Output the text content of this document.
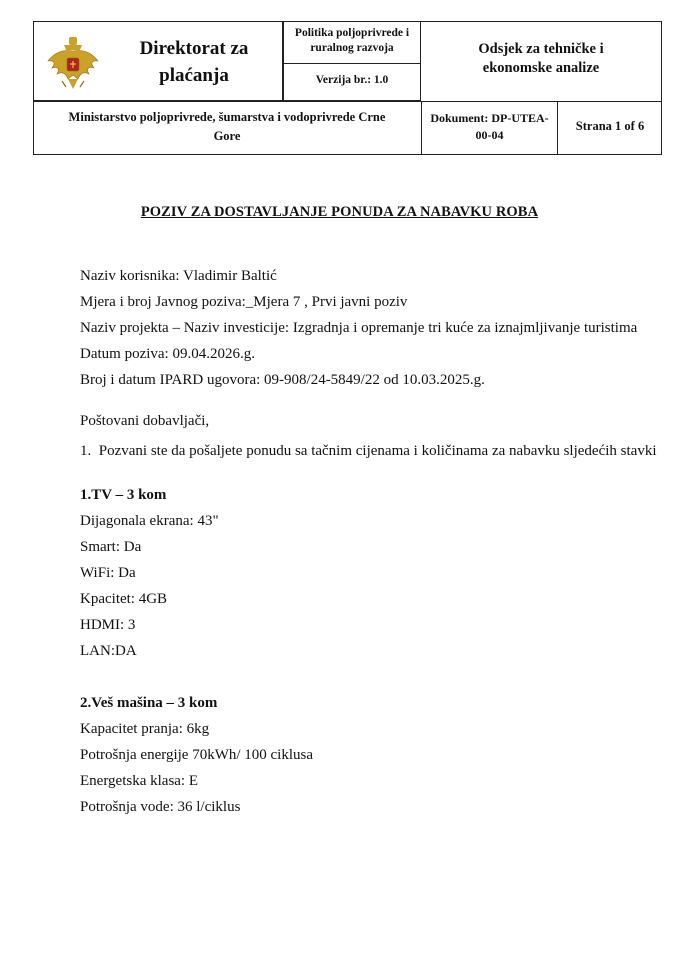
Direktorat za
plaćanja
Politika poljoprivrede i
ruralnog razvoja
Verzija br.: 1.0
Odsjek za tehničke i
ekonomske analize
Ministarstvo poljoprivrede, šumarstva i vodoprivrede Crne
Gore
Dokument: DP-UTEA-
00-04
Strana 1 of 6
POZIV ZA DOSTAVLJANJE PONUDA ZA NABAVKU ROBA
Naziv korisnika: Vladimir Baltić
Mjera i broj Javnog poziva:_Mjera 7 , Prvi javni poziv
Naziv projekta – Naziv investicije: Izgradnja i opremanje tri kuće za iznajmljivanje turistima
Datum poziva: 09.04.2026.g.
Broj i datum IPARD ugovora: 09-908/24-5849/22 od 10.03.2025.g.
Poštovani dobavljači,
1.  Pozvani ste da pošaljete ponudu sa tačnim cijenama i količinama za nabavku sljedećih stavki
1.TV – 3 kom
Dijagonala ekrana: 43"
Smart: Da
WiFi: Da
Kpacitet: 4GB
HDMI: 3
LAN:DA
2.Veš mašina – 3 kom
Kapacitet pranja: 6kg
Potrošnja energije 70kWh/ 100 ciklusa
Energetska klasa: E
Potrošnja vode: 36 l/ciklus
